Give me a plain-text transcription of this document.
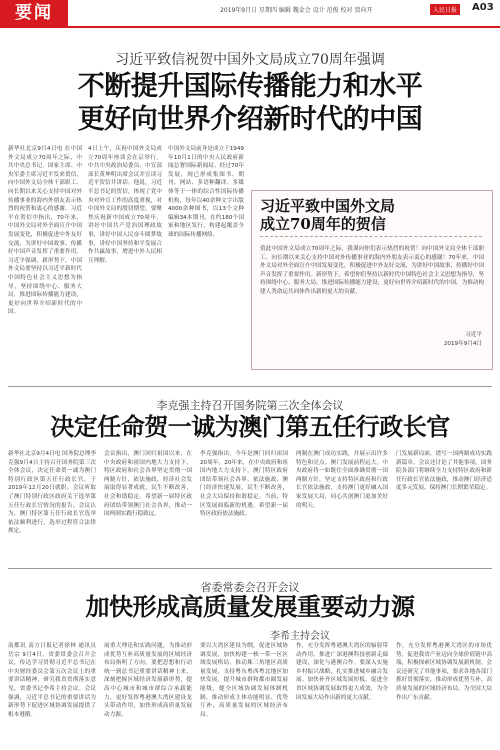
要闻	2019年9月日 星期四 编辑 魏金会 设计 范俊 校对 贾向开	人民日报	A03
习近平致信祝贺中国外文局成立70周年强调
不断提升国际传播能力和水平
更好向世界介绍新时代的中国
新华社北京9月4日电 在中国外文局成立70周年之际，中共中央总书记、国家主席、中央军委主席习近平发来贺信，向中国外文局全体干部职工、向长期以来关心支持中国对外传播事业的海内外朋友表示热烈的祝贺和衷心的感谢。习近平在贺信中指出，70年来，中国外文局对外全面宣介中国发展变化，积极促进中外友好交流，为讲好中国故事、传播好中国声音发挥了重要作用。习近平强调，新形势下，中国外文局要坚持以习近平新时代中国特色社会主义思想为指导，坚持围绕中心、服务大局，推进国际传播能力建设，更好向世界介绍新时代的中国。
4日上午，庆祝中国外文局成立70周年座谈会在京举行。中共中央政治局委员、中宣部部长黄坤明出席会议并宣读习近平贺信并讲话。他说，习近平总书记的贺信，体现了党中央对外宣工作的高度重视，对中国外文局的殷切期望。要聚焦庆祝新中国成立70周年，讲好中国共产党治国理政故事，讲好中国人民奋斗圆梦故事，讲好中国坚持和平发展合作共赢故事，增进中外人民相互理解。
中国外文局前身是成立于1949年10月1日的中央人民政府新闻总署国际新闻局。经过70年发展，现已形成集图书、期刊、网站、多语种翻译、多媒体等于一体的综合性国际传播机构，每年以40余种文字出版4000余种图书，以13个文种编辑34本期刊，在约180个国家和地区发行，构建起覆盖全球的国际传播网络。
习近平致中国外文局
成立70周年的贺信
值此中国外文局成立70周年之际，我谨向你们表示热烈的祝贺！向中国外文局全体干部职工，向长期以来关心支持中国对外传播事业的海内外朋友表示衷心的感谢！70年来，中国外文局对外全面宣介中国发展变化，积极促进中外友好交流，为讲好中国故事、传播好中国声音发挥了重要作用。新形势下，希望你们坚持以新时代中国特色社会主义思想为指导，坚持围绕中心、服务大局，推进国际传播能力建设，更好向世界介绍新时代的中国，为推动构建人类命运共同体作出新的更大的贡献。
习近平
2019年9月4日
李克强主持召开国务院第三次全体会议
决定任命贺一诚为澳门第五任行政长官
新华社北京9月4日电 国务院总理李克强9月4日主持召开国务院第三次全体会议，决定任命贺一诚为澳门特别行政区第五任行政长官，于2019年12月20日就职。会议听取了澳门特别行政区政府关于选举第五任行政长官情况的报告。会议认为，澳门特区第五任行政长官选举依法顺利进行，选举过程符合法律规定。
会议指出，澳门回归祖国以来，在中央政府和祖国内地大力支持下，特区政府和社会各界坚定贯彻一国两制方针，依法施政，经济社会发展取得显著成就，民生不断改善，社会和谐稳定。希望新一届特区政府团结带领澳门社会各界，推动一国两制实践行稳致远。
李克强指出，今年是澳门回归祖国20周年，20年来，在中央政府和祖国内地大力支持下，澳门特区政府团结带领社会各界，依法施政，澳门经济快速发展，民生不断改善，社会大局保持和谐稳定。当前，特区发展面临新的机遇。希望新一届特区政府依法施政。
两制在澳门成功实践，并展示出许多特色和亮点。澳门发展前程远大。中央政府将一如既往全面准确贯彻一国两制方针，坚定支持特区政府和行政长官依法施政，支持澳门更好融入国家发展大局，同心共创澳门更加美好的明天。
门发展新局面，谱写一国两制成功实践新篇章。会议还讨论了其他事项。国务院各部门将继续全力支持特区政府和新任行政长官依法施政，推动澳门经济适度多元发展，保持澳门长期繁荣稳定。
省委常委会召开会议
加快形成高质量发展重要动力源
李希主持会议
南都讯 南方日报记者徐林 通讯员 岳宗 9月4日，省委常委会召开会议，传达学习贯彻习近平总书记在中央财经委员会第五次会议上的重要讲话精神，研究我省贯彻落实意见。省委书记李希主持会议。会议强调，习近平总书记的重要讲话为新形势下促进区域协调发展提供了根本遵循。
展重大理论和实践问题，为推动形成优势互补高质量发展的区域经济布局指明了方向。要把思想和行动统一到总书记重要讲话精神上来，深刻把握区域经济发展新形势，提高中心城市和城市群综合承载能力，更好发挥粤港澳大湾区建设龙头带动作用，加快形成高质量发展动力源。
要以大湾区建设为纲，促进区域协调发展，加快构建一核一带一区区域发展格局，推动珠三角地区高质量发展，支持粤东粤西粤北地区加快发展，提升城市群和都市圈发展能级，健全区域协调发展体制机制，推动形成主体功能明显、优势互补、高质量发展的区域经济布局。
作，充分发挥粤港澳大湾区的辐射带动作用，推进广深港澳科技创新走廊建设，深化与港澳合作。要深入实施乡村振兴战略，扎实推进城乡融合发展。加快补齐区域发展短板，促进全省区域协调发展取得更大成效，为全国发展大局作出新的更大贡献。
作，充分发挥粤港澳大湾区的市场优势，促进我省产业迈向全球价值链中高端，积极探索区域协调发展新机制。会议还研究了其他事项，要求各地各部门抓好贯彻落实，推动形成优势互补、高质量发展的区域经济布局，为全国大局作出广东贡献。
